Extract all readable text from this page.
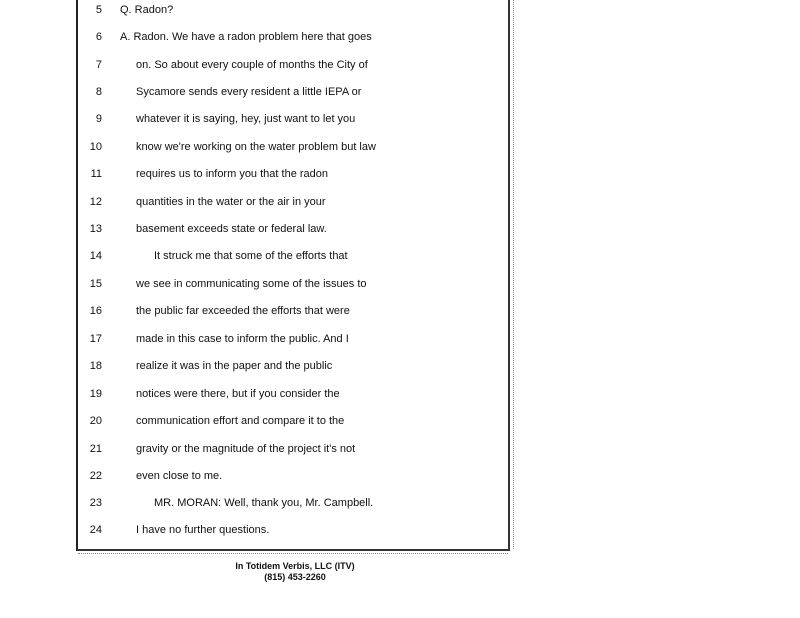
5 Q. Radon?
6 A. Radon. We have a radon problem here that goes
7	on. So about every couple of months the City of
8	Sycamore sends every resident a little IEPA or
9	whatever it is saying, hey, just want to let you
10	know we're working on the water problem but law
11	requires us to inform you that the radon
12	quantities in the water or the air in your
13	basement exceeds state or federal law.
14	It struck me that some of the efforts that
15	we see in communicating some of the issues to
16	the public far exceeded the efforts that were
17	made in this case to inform the public. And I
18	realize it was in the paper and the public
19	notices were there, but if you consider the
20	communication effort and compare it to the
21	gravity or the magnitude of the project it's not
22	even close to me.
23	MR. MORAN: Well, thank you, Mr. Campbell.
24	I have no further questions.
In Totidem Verbis, LLC (ITV)
(815) 453-2260
